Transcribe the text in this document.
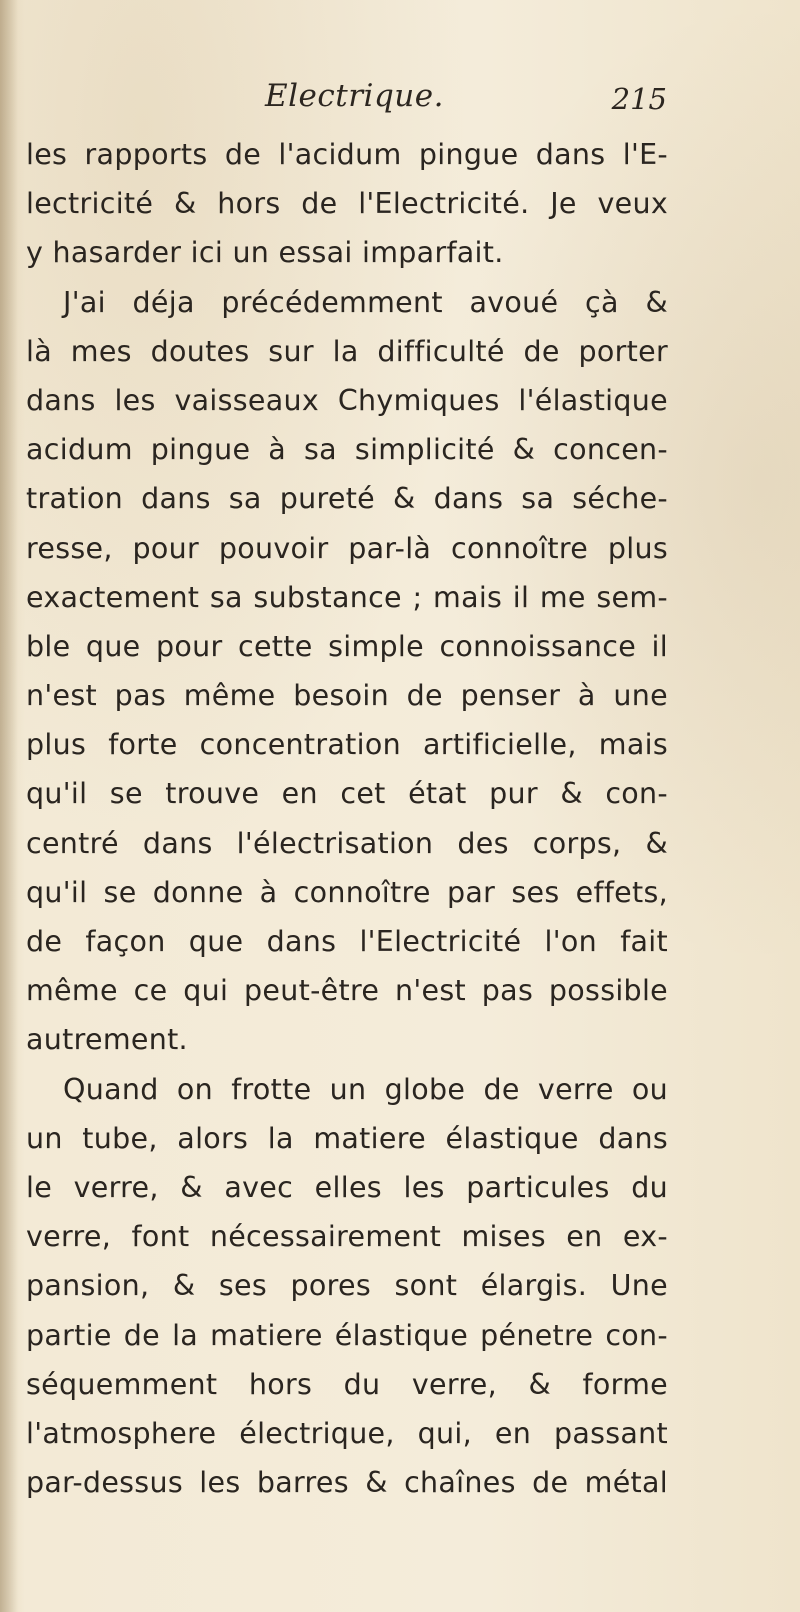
Electrique.	215
les rapports de l'acidum pingue dans l'E-
lectricité & hors de l'Electricité. Je veux
y hasarder ici un essai imparfait.
J'ai déja précédemment avoué çà &
là mes doutes sur la difficulté de porter
dans les vaisseaux Chymiques l'élastique
acidum pingue à sa simplicité & concen-
tration dans sa pureté & dans sa séche-
resse, pour pouvoir par-là connoître plus
exactement sa substance ; mais il me sem-
ble que pour cette simple connoissance il
n'est pas même besoin de penser à une
plus forte concentration artificielle, mais
qu'il se trouve en cet état pur & con-
centré dans l'électrisation des corps, &
qu'il se donne à connoître par ses effets,
de façon que dans l'Electricité l'on fait
même ce qui peut-être n'est pas possible
autrement.
Quand on frotte un globe de verre ou
un tube, alors la matiere élastique dans
le verre, & avec elles les particules du
verre, font nécessairement mises en ex-
pansion, & ses pores sont élargis. Une
partie de la matiere élastique pénetre con-
séquemment hors du verre, & forme
l'atmosphere électrique, qui, en passant
par-dessus les barres & chaînes de métal
